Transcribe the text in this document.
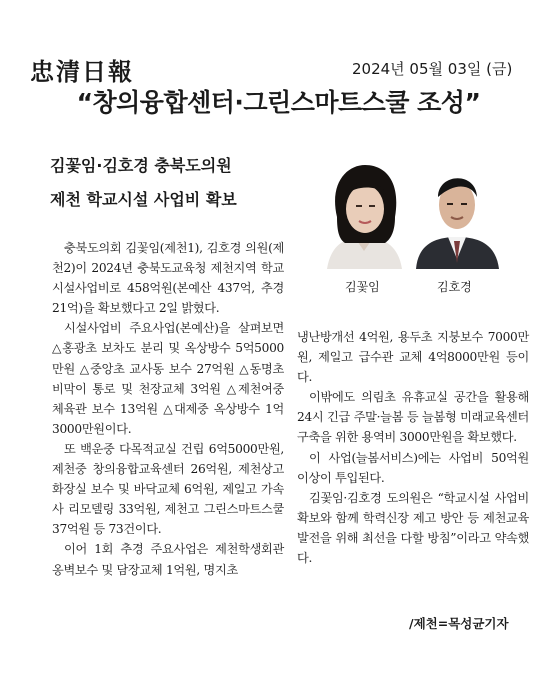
忠清日報	2024년 05월 03일 (금)
“창의융합센터·그린스마트스쿨 조성”
김꽃임·김호경 충북도의원
제천 학교시설 사업비 확보
김꽃임	김호경

충북도의회 김꽃임(제천1), 김호경 의원(제천2)이 2024년 충북도교육청 제천지역 학교시설사업비로 458억원(본예산 437억, 추경 21억)을 확보했다고 2일 밝혔다.

시설사업비 주요사업(본예산)을 살펴보면 △홍광초 보차도 분리 및 옥상방수 5억5000만원 △중앙초 교사동 보수 27억원 △동명초 비막이 통로 및 천장교체 3억원 △제천여중 체육관 보수 13억원 △대제중 옥상방수 1억3000만원이다.

또 백운중 다목적교실 건립 6억5000만원, 제천중 창의융합교육센터 26억원, 제천상고 화장실 보수 및 바닥교체 6억원, 제일고 가속사 리모델링 33억원, 제천고 그린스마트스쿨 37억원 등 73건이다.

이어 1회 추경 주요사업은 제천학생회관 옹벽보수 및 담장교체 1억원, 명지초

냉난방개선 4억원, 용두초 지붕보수 7000만원, 제일고 급수관 교체 4억8000만원 등이다.

이밖에도 의림초 유휴교실 공간을 활용해 24시 긴급 주말·늘봄 등 늘봄형 미래교육센터 구축을 위한 용역비 3000만원을 확보했다.

이 사업(늘봄서비스)에는 사업비 50억원 이상이 투입된다.

김꽃임·김호경 도의원은 “학교시설 사업비 확보와 함께 학력신장 제고 방안 등 제천교육 발전을 위해 최선을 다할 방침”이라고 약속했다.

/제천=목성균기자
